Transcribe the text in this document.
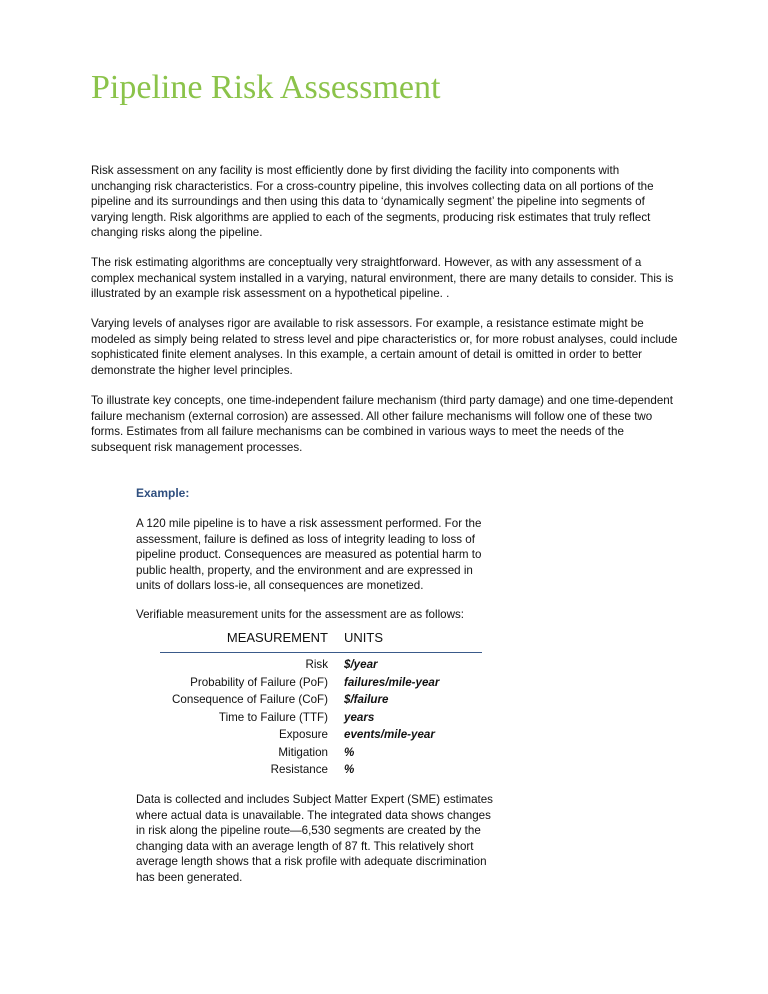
Pipeline Risk Assessment

Risk assessment on any facility is most efficiently done by first dividing the facility into components with unchanging risk characteristics. For a cross-country pipeline, this involves collecting data on all portions of the pipeline and its surroundings and then using this data to ‘dynamically segment’ the pipeline into segments of varying length. Risk algorithms are applied to each of the segments, producing risk estimates that truly reflect changing risks along the pipeline.

The risk estimating algorithms are conceptually very straightforward. However, as with any assessment of a complex mechanical system installed in a varying, natural environment, there are many details to consider. This is illustrated by an example risk assessment on a hypothetical pipeline. .

Varying levels of analyses rigor are available to risk assessors. For example, a resistance estimate might be modeled as simply being related to stress level and pipe characteristics or, for more robust analyses, could include sophisticated finite element analyses. In this example, a certain amount of detail is omitted in order to better demonstrate the higher level principles.

To illustrate key concepts, one time-independent failure mechanism (third party damage) and one time-dependent failure mechanism (external corrosion) are assessed. All other failure mechanisms will follow one of these two forms. Estimates from all failure mechanisms can be combined in various ways to meet the needs of the subsequent risk management processes.

Example:

A 120 mile pipeline is to have a risk assessment performed. For the assessment, failure is defined as loss of integrity leading to loss of pipeline product. Consequences are measured as potential harm to public health, property, and the environment and are expressed in units of dollars loss-ie, all consequences are monetized.

Verifiable measurement units for the assessment are as follows:

MEASUREMENT	UNITS
Risk	$/year
Probability of Failure (PoF)	failures/mile-year
Consequence of Failure (CoF)	$/failure
Time to Failure (TTF)	years
Exposure	events/mile-year
Mitigation	%
Resistance	%

Data is collected and includes Subject Matter Expert (SME) estimates where actual data is unavailable. The integrated data shows changes in risk along the pipeline route—6,530 segments are created by the changing data with an average length of 87 ft. This relatively short average length shows that a risk profile with adequate discrimination has been generated.
